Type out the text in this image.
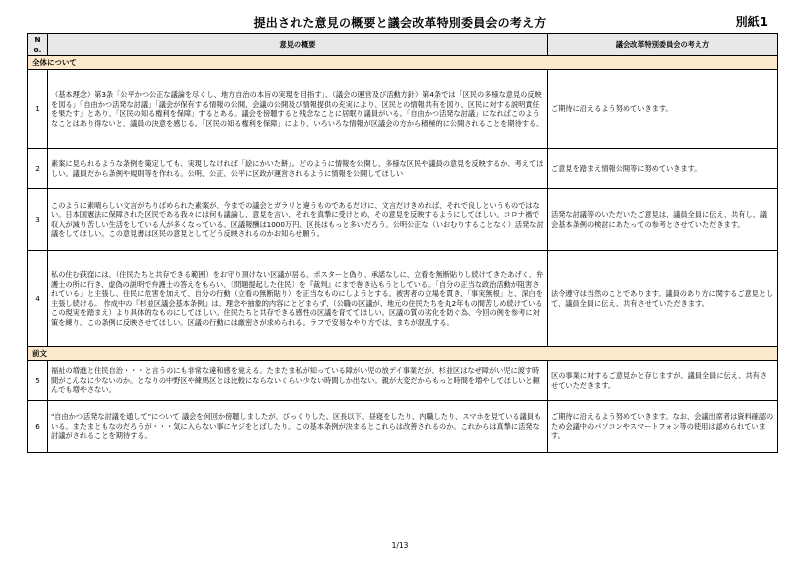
提出された意見の概要と議会改革特別委員会の考え方	別紙1
No.	意見の概要	議会改革特別委員会の考え方
全体について		
1	（基本理念）第3条「公平かつ公正な議論を尽くし、地方自治の本旨の実現を目指す」、（議会の運営及び活動方針）第4条では「区民の多様な意見の反映を図る」「自由かつ活発な討議」「議会が保有する情報の公開、会議の公開及び情報提供の充実により、区民との情報共有を図り、区民に対する説明責任を果たす」とあり、「区民の知る権利を保障」するとある。議会を傍聴すると残念なことに居眠り議員がいる。「自由かつ活発な討議」になればこのようなことはあり得ないと、議員の決意を感じる。「区民の知る権利を保障」により、いろいろな情報が区議会の方から積極的に公開されることを期待する。	ご期待に沿えるよう努めていきます。
2	素案に見られるような条例を策定しても、実現しなければ「絵にかいた餅」。どのように情報を公開し、多様な区民や議員の意見を反映するか、考えてほしい。議員だから条例や規則等を作れる。公明、公正、公平に区政が運営されるように情報を公開してほしい	ご意見を踏まえ情報公開等に努めていきます。
3	このように素晴らしい文言がちりばめられた素案が、今までの議会とガラリと違うものであるだけに、文言だけきめれば、それで良しというものではない。日本国憲法に保障された区民である我々には何も議論し、意見を言い、それを真摯に受けとめ、その意見を反映するようにしてほしい。コロナ禍で収入が減り苦しい生活をしている人が多くなっている。区議報酬は1000万円、区長はもっと多いだろう。公明公正な（いおむりすることなく）活発な討議をしてほしい。この意見書は区民の意見としてどう反映されるのかお知らせ願う。	活発な討議等のいただいたご意見は、議員全員に伝え、共有し、議会基本条例の検討にあたっての参考とさせていただきます。
4	私の住む荻窪には、（住民たちと共存できる範囲）をお守り頂けない区議が居る。ポスターと偽り、承諾なしに、立看を無断貼りし続けてきたあげく、弁護士の所に行き、虚偽の説明で弁護士の答えをもらい、〔問題提起した住民〕を『裁判』にまで巻き込もうとしている。「自分の正当な政治活動が阻害されている」と主張し、住民に危害を加えて、自分の行動（立看の無断貼り）を正当なものにしようとする。被害者の立場を貫き、「事実無根」と、深白を主張し続ける。 作成中の『杉並区議会基本条例』は、理念や抽象的内容にとどまらず、（公職の区議が、地元の住民たちを丸2年もの間苦しめ続けているこの現実を踏まえ）より具体的なものにしてほしい。住民たちと共存できる感性の区議を育ててほしい。区議の質の劣化を防ぐ為、今回の例を参考に対策を練り、この条例に反映させてほしい。区議の行動には厳密さが求められる。ラフで安易なやり方では、まちが混乱する。	法令遵守は当然のことであります。議員のあり方に関するご意見として、議員全員に伝え、共有させていただきます。
前文		
5	福祉の増進と住民自治・・・と言うのにも非常な違和感を覚える。たまたま私が知っている障がい児の放デイ事業だが、杉並区はなぜ障がい児に渡す時間がこんなに少ないのか。となりの中野区や練馬区とは比較にならないくらい少ない時間しか出ない。親が大変だからもっと時間を増やしてほしいと頼んでも増やさない。	区の事業に対するご意見かと存じますが、議員全員に伝え、共有させていただきます。
6	"自由かつ活発な討議を通して"について 議会を何回か傍聴しましたが、びっくりした。区長以下、昼寝をしたり、内職したり、スマホを見ている議員もいる。またまともなのだろうが・・・気に入らない事にヤジをとばしたり。この基本条例が決まるとこれらは改善されるのか。これからは真摯に活発な討議がされることを期待する。	ご期待に沿えるよう努めていきます。なお、会議出席者は資料確認のため会議中のパソコンやスマートフォン等の使用は認められています。
1/13
